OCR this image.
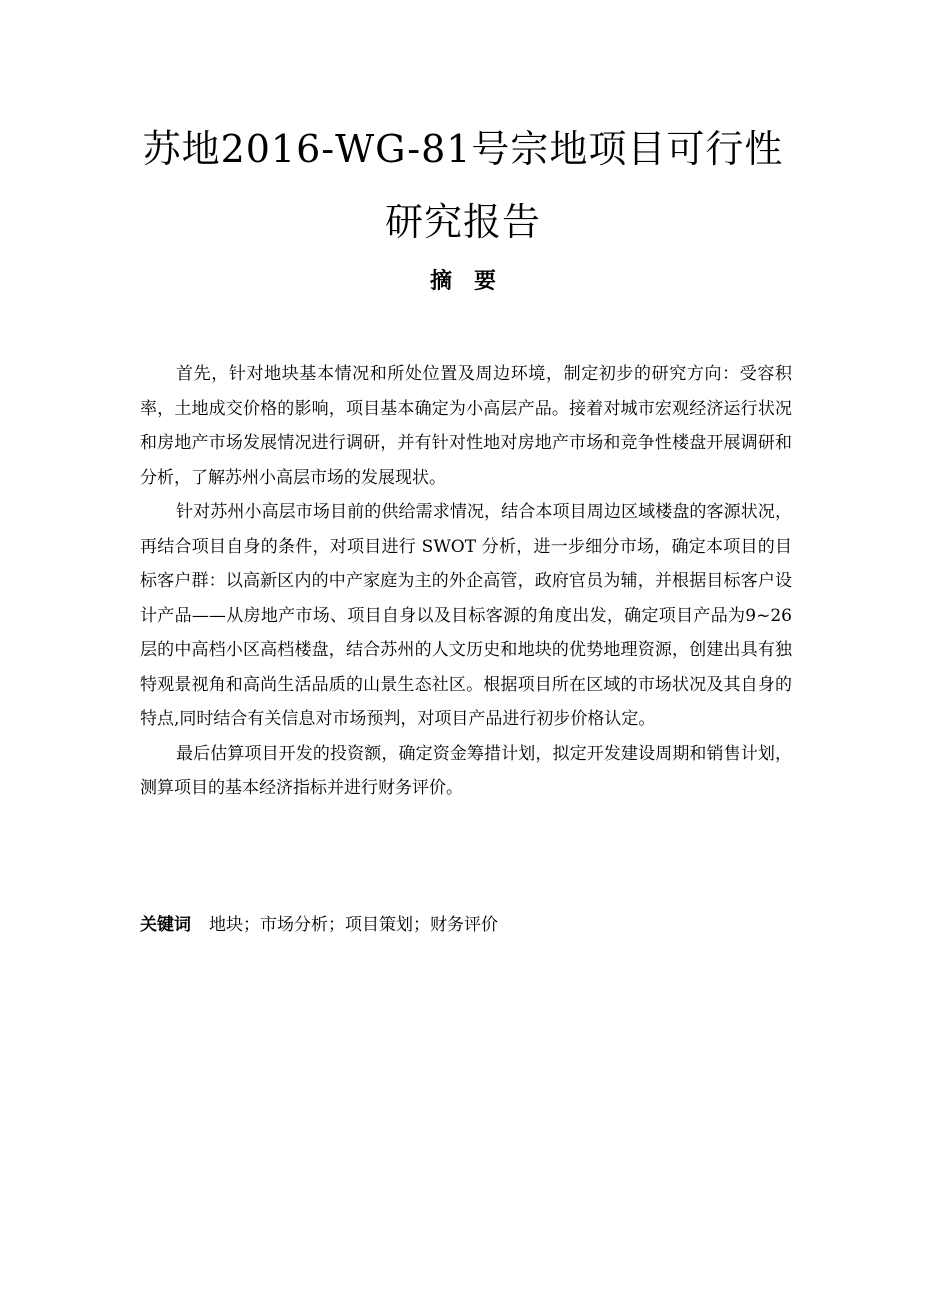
苏地2016-WG-81号宗地项目可行性
研究报告
摘要

首先，针对地块基本情况和所处位置及周边环境，制定初步的研究方向：受容积率，土地成交价格的影响，项目基本确定为小高层产品。接着对城市宏观经济运行状况和房地产市场发展情况进行调研，并有针对性地对房地产市场和竞争性楼盘开展调研和分析，了解苏州小高层市场的发展现状。

针对苏州小高层市场目前的供给需求情况，结合本项目周边区域楼盘的客源状况，再结合项目自身的条件，对项目进行 SWOT 分析，进一步细分市场，确定本项目的目标客户群：以高新区内的中产家庭为主的外企高管，政府官员为辅，并根据目标客户设计产品——从房地产市场、项目自身以及目标客源的角度出发，确定项目产品为9~26层的中高档小区高档楼盘，结合苏州的人文历史和地块的优势地理资源，创建出具有独特观景视角和高尚生活品质的山景生态社区。根据项目所在区域的市场状况及其自身的特点,同时结合有关信息对市场预判，对项目产品进行初步价格认定。

最后估算项目开发的投资额，确定资金筹措计划，拟定开发建设周期和销售计划，测算项目的基本经济指标并进行财务评价。

关键词 地块；市场分析；项目策划；财务评价
